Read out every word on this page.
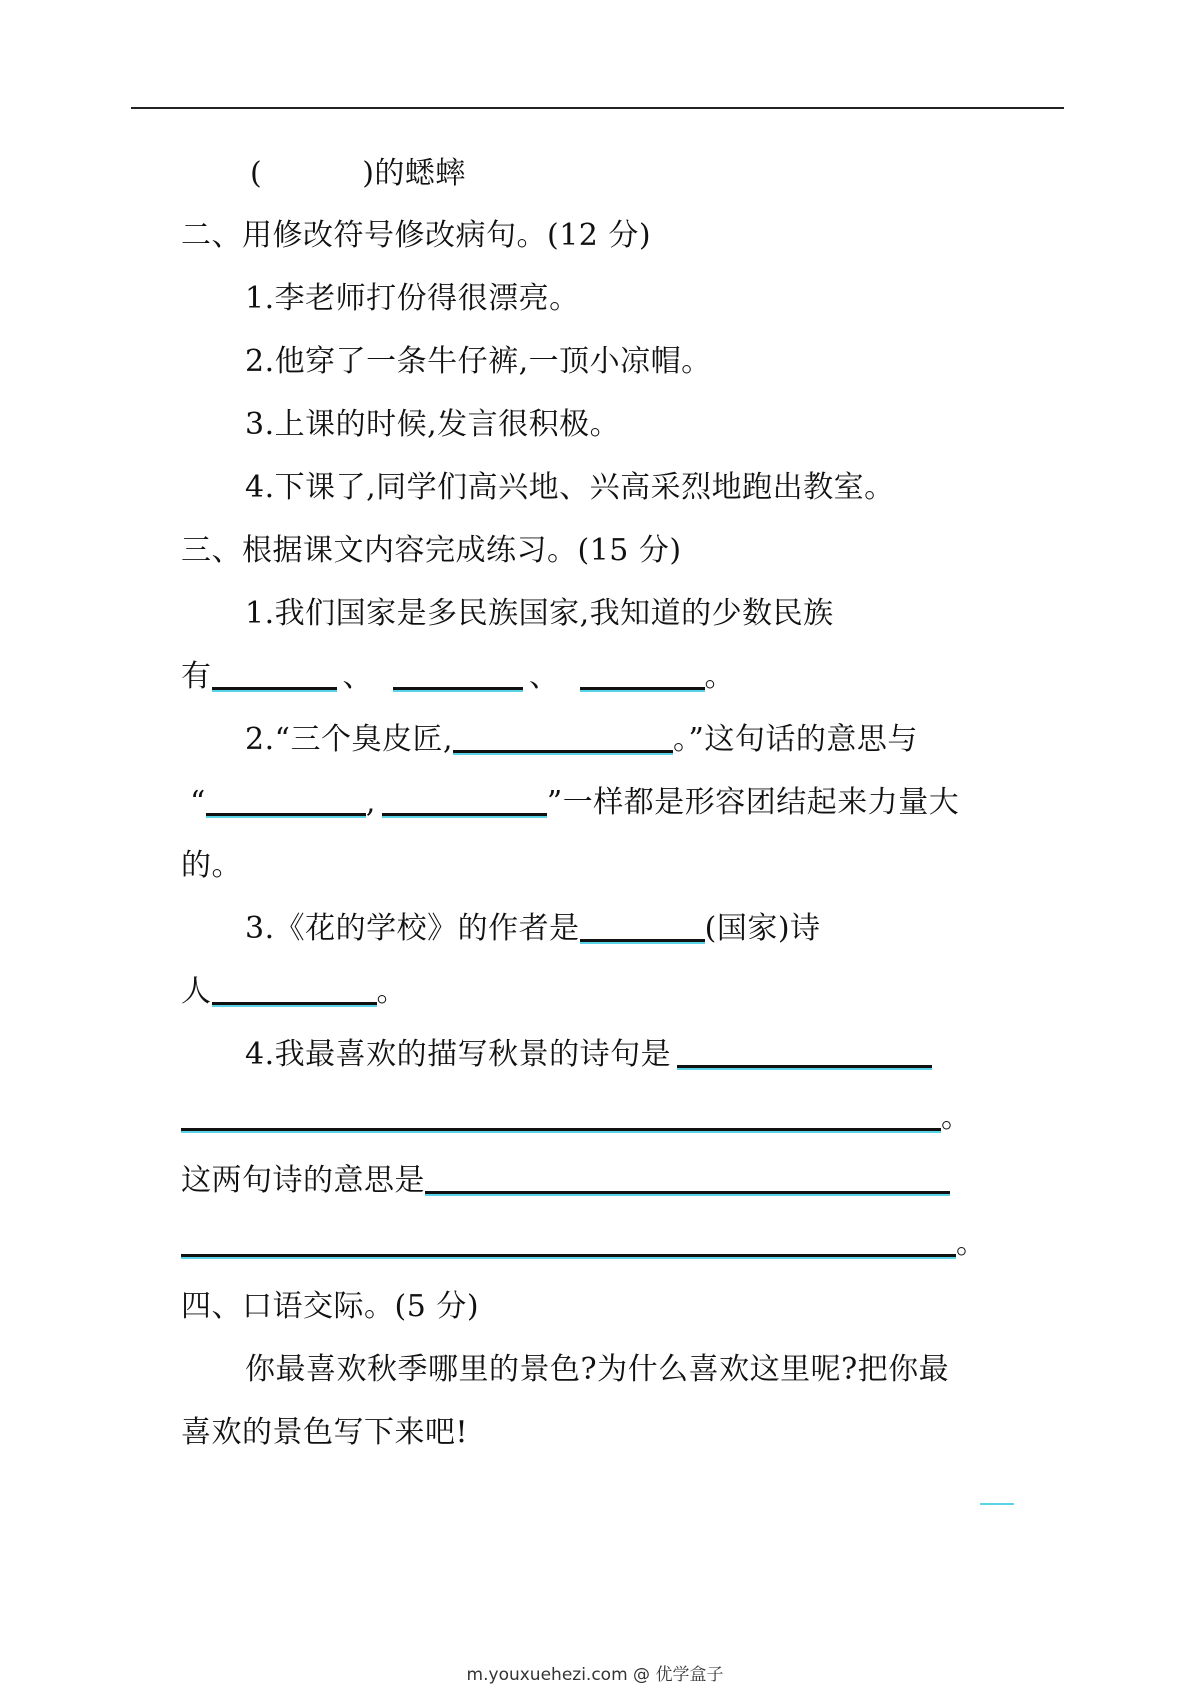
(	)的蟋蟀
二、用修改符号修改病句。(12 分)
1.李老师打份得很漂亮。
2.他穿了一条牛仔裤,一顶小凉帽。
3.上课的时候,发言很积极。
4.下课了,同学们高兴地、兴高采烈地跑出教室。
三、根据课文内容完成练习。(15 分)
1.我们国家是多民族国家,我知道的少数民族
有	、	、	。
2.“三个臭皮匠,	。”这句话的意思与
“	,	”一样都是形容团结起来力量大
的。
3.《花的学校》的作者是	(国家)诗
人	。
4.我最喜欢的描写秋景的诗句是
。
这两句诗的意思是
。
四、口语交际。(5 分)
你最喜欢秋季哪里的景色?为什么喜欢这里呢?把你最
喜欢的景色写下来吧!
m.youxuehezi.com @ 优学盒子
